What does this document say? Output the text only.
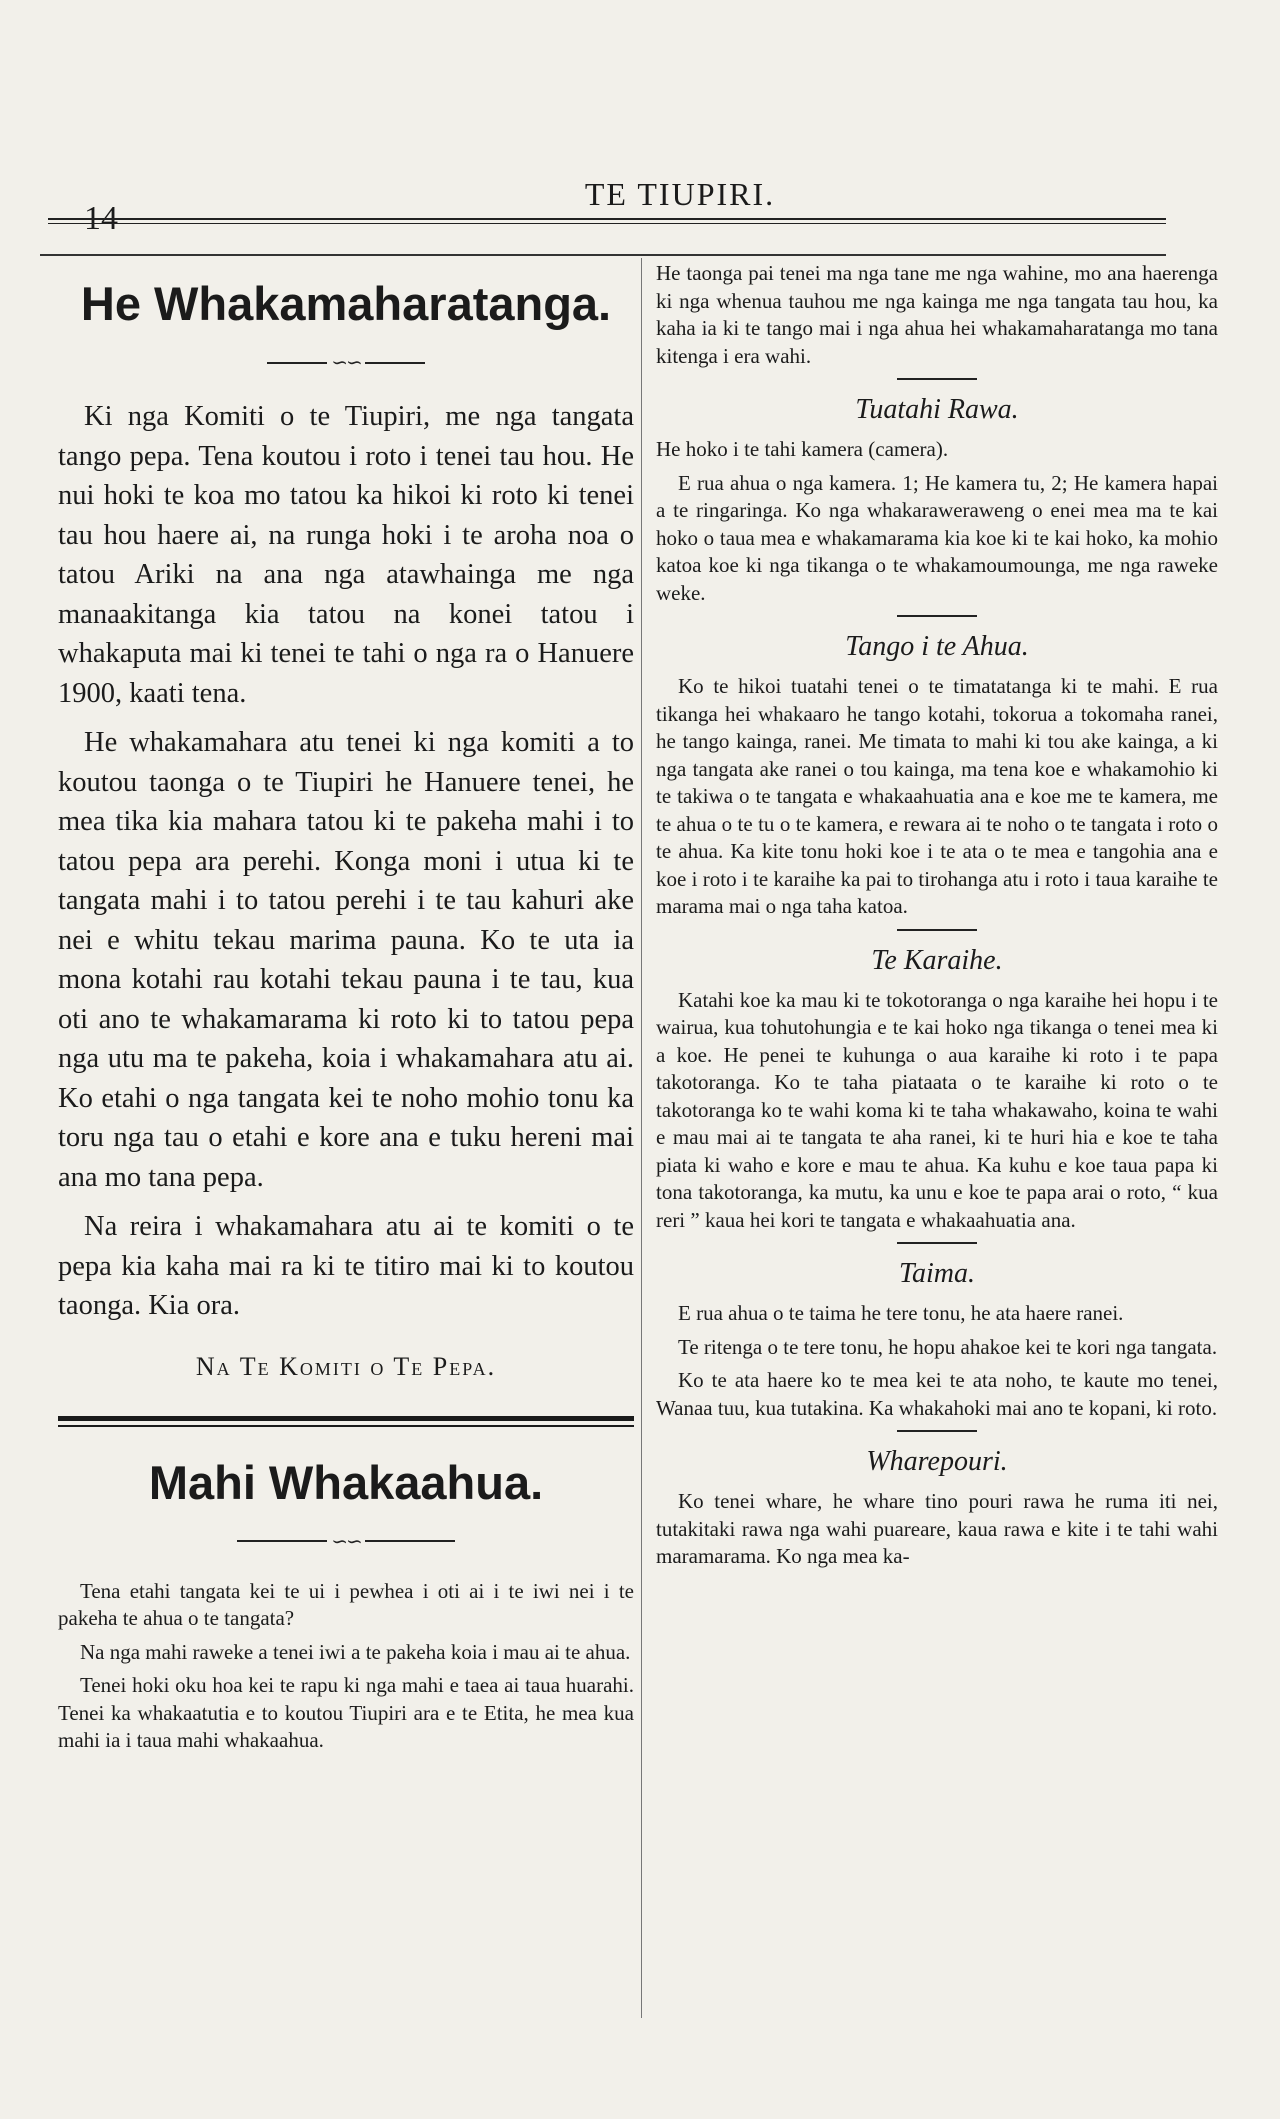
14
TE TIUPIRI.
He Whakamaharatanga.
∽∽

Ki nga Komiti o te Tiupiri, me nga tangata tango pepa. Tena koutou i roto i tenei tau hou. He nui hoki te koa mo tatou ka hikoi ki roto ki tenei tau hou haere ai, na runga hoki i te aroha noa o tatou Ariki na ana nga atawhainga me nga manaakitanga kia tatou na konei tatou i whakaputa mai ki tenei te tahi o nga ra o Hanuere 1900, kaati tena.

He whakamahara atu tenei ki nga komiti a to koutou taonga o te Tiupiri he Hanuere tenei, he mea tika kia mahara tatou ki te pakeha mahi i to tatou pepa ara perehi. Konga moni i utua ki te tangata mahi i to tatou perehi i te tau kahuri ake nei e whitu tekau marima pauna. Ko te uta ia mona kotahi rau kotahi tekau pauna i te tau, kua oti ano te whakamarama ki roto ki to tatou pepa nga utu ma te pakeha, koia i whakamahara atu ai. Ko etahi o nga tangata kei te noho mohio tonu ka toru nga tau o etahi e kore ana e tuku hereni mai ana mo tana pepa.

Na reira i whakamahara atu ai te komiti o te pepa kia kaha mai ra ki te titiro mai ki to koutou taonga. Kia ora.

Na Te Komiti o Te Pepa.
Mahi Whakaahua.
∽∽

Tena etahi tangata kei te ui i pewhea i oti ai i te iwi nei i te pakeha te ahua o te tangata?

Na nga mahi raweke a tenei iwi a te pakeha koia i mau ai te ahua.

Tenei hoki oku hoa kei te rapu ki nga mahi e taea ai taua huarahi. Tenei ka whakaatutia e to koutou Tiupiri ara e te Etita, he mea kua mahi ia i taua mahi whakaahua.

He taonga pai tenei ma nga tane me nga wahine, mo ana haerenga ki nga whenua tauhou me nga kainga me nga tangata tau hou, ka kaha ia ki te tango mai i nga ahua hei whakamaharatanga mo tana kitenga i era wahi.

Tuatahi Rawa.

He hoko i te tahi kamera (camera).

E rua ahua o nga kamera. 1; He kamera tu, 2; He kamera hapai a te ringaringa. Ko nga whakaraweraweng o enei mea ma te kai hoko o taua mea e whakamarama kia koe ki te kai hoko, ka mohio katoa koe ki nga tikanga o te whakamoumounga, me nga raweke weke.

Tango i te Ahua.

Ko te hikoi tuatahi tenei o te timatatanga ki te mahi. E rua tikanga hei whakaaro he tango kotahi, tokorua a tokomaha ranei, he tango kainga, ranei. Me timata to mahi ki tou ake kainga, a ki nga tangata ake ranei o tou kainga, ma tena koe e whakamohio ki te takiwa o te tangata e whakaahuatia ana e koe me te kamera, me te ahua o te tu o te kamera, e rewara ai te noho o te tangata i roto o te ahua. Ka kite tonu hoki koe i te ata o te mea e tangohia ana e koe i roto i te karaihe ka pai to tirohanga atu i roto i taua karaihe te marama mai o nga taha katoa.

Te Karaihe.

Katahi koe ka mau ki te tokotoranga o nga karaihe hei hopu i te wairua, kua tohutohungia e te kai hoko nga tikanga o tenei mea ki a koe. He penei te kuhunga o aua karaihe ki roto i te papa takotoranga. Ko te taha piataata o te karaihe ki roto o te takotoranga ko te wahi koma ki te taha whakawaho, koina te wahi e mau mai ai te tangata te aha ranei, ki te huri hia e koe te taha piata ki waho e kore e mau te ahua. Ka kuhu e koe taua papa ki tona takotoranga, ka mutu, ka unu e koe te papa arai o roto, “ kua reri ” kaua hei kori te tangata e whakaahuatia ana.

Taima.

E rua ahua o te taima he tere tonu, he ata haere ranei.

Te ritenga o te tere tonu, he hopu ahakoe kei te kori nga tangata.

Ko te ata haere ko te mea kei te ata noho, te kaute mo tenei, Wanaa tuu, kua tutakina. Ka whakahoki mai ano te kopani, ki roto.

Wharepouri.

Ko tenei whare, he whare tino pouri rawa he ruma iti nei, tutakitaki rawa nga wahi puareare, kaua rawa e kite i te tahi wahi maramarama. Ko nga mea ka-
